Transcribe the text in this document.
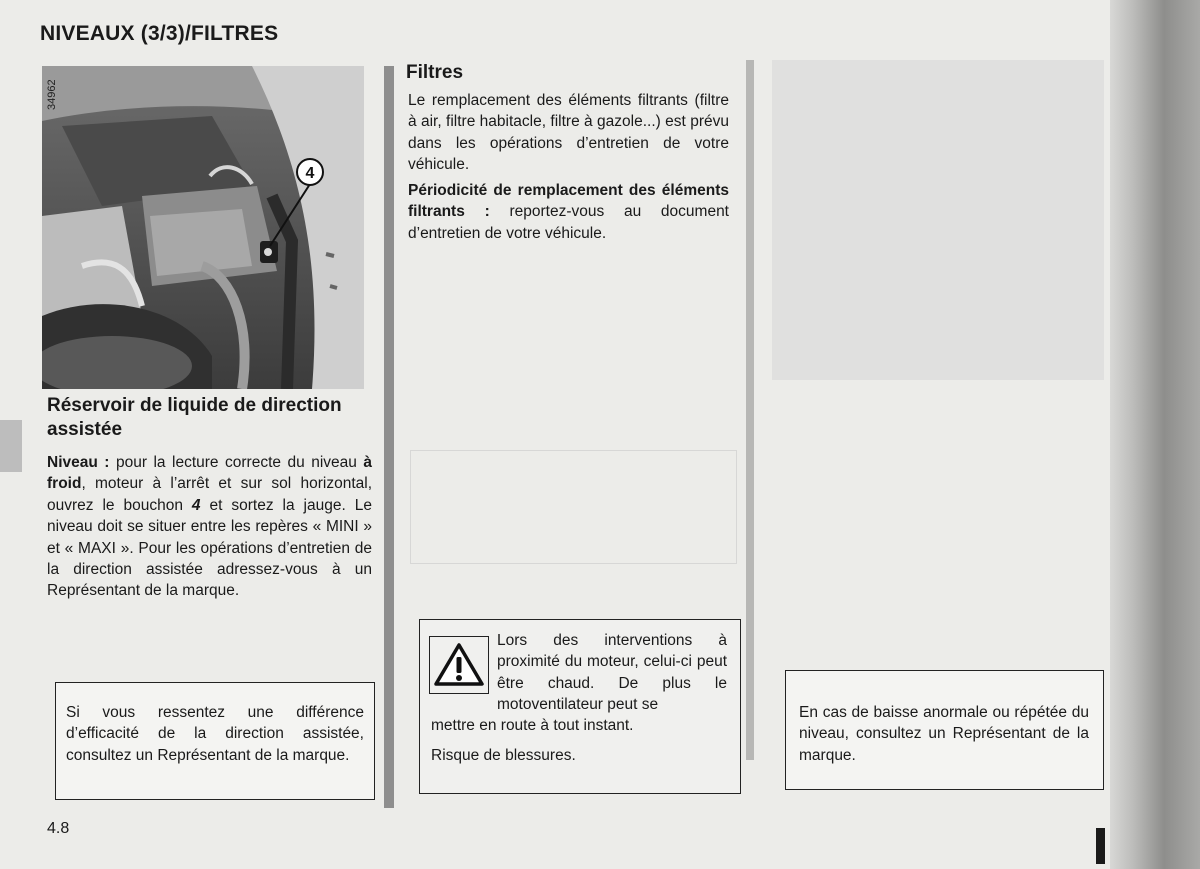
NIVEAUX (3/3)/FILTRES
4
34962
Réservoir de liquide de direction assistée
Niveau : pour la lecture correcte du niveau à froid, moteur à l’arrêt et sur sol horizontal, ouvrez le bouchon 4 et sortez la jauge. Le niveau doit se situer entre les repères « MINI » et « MAXI ». Pour les opérations d’entretien de la direction assistée adressez-vous à un Représentant de la marque.
Si vous ressentez une différence d’efficacité de la direction assistée, consultez un Représentant de la marque.
Filtres
Le remplacement des éléments filtrants (filtre à air, filtre habitacle, filtre à gazole...) est prévu dans les opérations d’entretien de votre véhicule.
Périodicité de remplacement des éléments filtrants : reportez-vous au document d’entretien de votre véhicule.
Lors des interventions à proximité du moteur, celui-ci peut être chaud. De plus le motoventilateur peut se
mettre en route à tout instant.
Risque de blessures.
En cas de baisse anormale ou répétée du niveau, consultez un Représentant de la marque.
4.8
